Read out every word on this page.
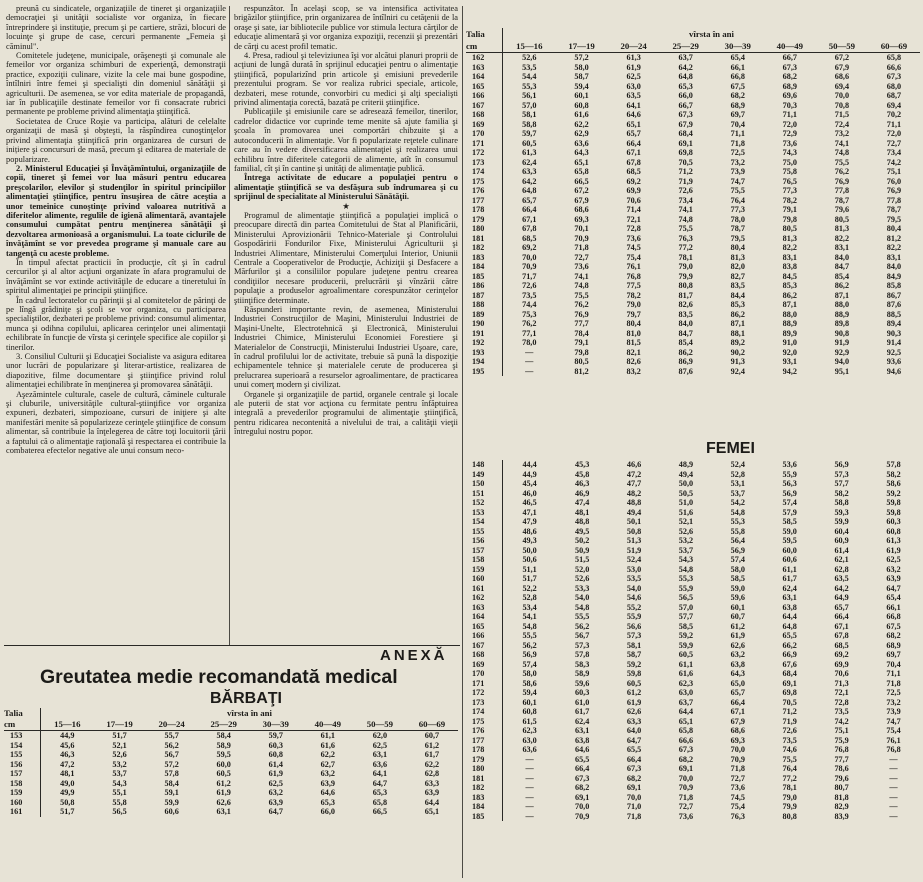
preună cu sindicatele, organizaţiile de tineret şi organizaţiile democraţiei şi unităţii socialiste vor organiza, în fiecare întreprindere şi instituţie, precum şi pe cartiere, străzi, blocuri de locuinţe şi grupe de case, cercuri permanente „Femeia şi căminul".

Comitetele judeţene, municipale, orăşeneşti şi comunale ale femeilor vor organiza schimburi de experienţă, demonstraţii practice, expoziţii culinare, vizite la cele mai bune gospodine, întîlniri între femei şi specialişti din domeniul sănătăţii şi agriculturii. De asemenea, se vor edita materiale de propagandă, iar în publicaţiile destinate femeilor vor fi consacrate rubrici permanente pe probleme privind alimentaţia ştiinţifică.

Societatea de Cruce Roşie va participa, alături de celelalte organizaţii de masă şi obşteşti, la răspîndirea cunoştinţelor privind alimentaţia ştiinţifică prin organizarea de cursuri de inițiere şi concursuri de masă, precum şi editarea de materiale de popularizare.

2. Ministerul Educaţiei şi Învăţămîntului, organizaţiile de copii, tineret şi femei vor lua măsuri pentru educarea preşcolarilor, elevilor şi studenţilor în spiritul principiilor alimentaţiei ştiinţifice, pentru însuşirea de către aceştia a unor temeinice cunoştinţe privind valoarea nutritivă a diferitelor alimente, regulile de igienă alimentară, avantajele consumului cumpătat pentru menţinerea sănătăţii şi dezvoltarea armonioasă a organismului. La toate ciclurile de învăţămînt se vor prevedea programe şi manuale care au tangenţă cu aceste probleme.

În timpul afectat practicii în producţie, cît şi în cadrul cercurilor şi al altor acţiuni organizate în afara programului de învăţămînt se vor extinde activităţile de educare a tineretului în spiritul alimentaţiei pe principii ştiinţifice.

În cadrul lectoratelor cu părinţii şi al comitetelor de părinţi de pe lîngă grădiniţe şi şcoli se vor organiza, cu participarea specialiştilor, dezbateri pe probleme privind: consumul alimentar, munca şi odihna copilului, aplicarea cerinţelor unei alimentaţii echilibrate în funcţie de vîrsta şi cerinţele specifice ale copiilor şi tinerilor.

3. Consiliul Culturii şi Educaţiei Socialiste va asigura editarea unor lucrări de popularizare şi literar-artistice, realizarea de diapozitive, filme documentare şi ştiinţifice privind rolul alimentaţiei echilibrate în menţinerea şi promovarea sănătăţii.

Aşezămintele culturale, casele de cultură, căminele culturale şi cluburile, universităţile cultural-ştiinţifice vor organiza expuneri, dezbateri, simpozioane, cursuri de iniţiere şi alte manifestări menite să popularizeze cerinţele ştiinţifice de consum alimentar, să contribuie la înţelegerea de către toţi locuitorii ţării a faptului că o alimentaţie raţională şi respectarea ei contribuie la combaterea efectelor negative ale unui consum neco-

respunzător. În acelaşi scop, se va intensifica activitatea brigăzilor ştiinţifice, prin organizarea de întîlniri cu cetăţenii de la oraşe şi sate, iar bibliotecile publice vor stimula lectura cărţilor de educaţie alimentară şi vor organiza expoziţii, recenzii şi prezentări de cărţi cu acest profil tematic.

4. Presa, radioul şi televiziunea îşi vor alcătui planuri proprii de acţiuni de lungă durată în sprijinul educaţiei pentru o alimentaţie ştiinţifică, popularizînd prin articole şi emisiuni prevederile prezentului program. Se vor realiza rubrici speciale, articole, dezbateri, mese rotunde, convorbiri cu medici şi alţi specialişti privind alimentaţia corectă, bazată pe criterii ştiinţifice.

Publicaţiile şi emisiunile care se adresează femeilor, tinerilor, cadrelor didactice vor cuprinde teme menite să ajute familia şi şcoala în promovarea unei comportări chibzuite şi a autoconducerii în alimentaţie. Vor fi popularizate reţetele culinare care au în vedere diversificarea alimentaţiei şi realizarea unui echilibru între diferitele categorii de alimente, atît în consumul familial, cît şi în cantine şi unităţi de alimentaţie publică.

Întrega activitate de educare a populaţiei pentru o alimentaţie ştiinţifică se va desfăşura sub îndrumarea şi cu sprijinul de specialitate al Ministerului Sănătăţii.

★

Programul de alimentaţie ştiinţifică a populaţiei implică o preocupare directă din partea Comitetului de Stat al Planificării, Ministerului Aprovizionării Tehnico-Materiale şi Controlului Gospodăririi Fondurilor Fixe, Ministerului Agriculturii şi Industriei Alimentare, Ministerului Comerţului Interior, Uniunii Centrale a Cooperativelor de Producţie, Achiziţii şi Desfacere a Mărfurilor şi a consiliilor populare judeţene pentru crearea condiţiilor necesare producerii, prelucrării şi vînzării către populaţie a produselor agroalimentare corespunzător cerinţelor ştiinţifice determinate.

Răspunderi importante revin, de asemenea, Ministerului Industriei Construcţiilor de Maşini, Ministerului Industriei de Maşini-Unelte, Electrotehnică şi Electronică, Ministerului Industriei Chimice, Ministerului Economiei Forestiere şi Materialelor de Construcţii, Ministerului Industriei Uşoare, care, în cadrul profilului lor de activitate, trebuie să pună la dispoziţie echipamentele tehnice şi materialele cerute de producerea şi prelucrarea superioară a resurselor agroalimentare, de practicarea unui comerţ modern şi civilizat.

Organele şi organizaţiile de partid, organele centrale şi locale ale puterii de stat vor acţiona cu fermitate pentru înfăptuirea integrală a prevederilor programului de alimentaţie ştiinţifică, pentru ridicarea necontenită a nivelului de trai, a calităţii vieţii întregului nostru popor.

ANEXĂ
Greutatea medie recomandată medical
BĂRBAŢI
FEMEI
Talia	vîrsta în ani							
cm	15—16	17—19	20—24	25—29	30—39	40—49	50—59	60—69
153	44,9	51,7	55,7	58,4	59,7	61,1	62,0	60,7
154	45,6	52,1	56,2	58,9	60,3	61,6	62,5	61,2
155	46,3	52,6	56,7	59,5	60,8	62,2	63,1	61,7
156	47,2	53,2	57,2	60,0	61,4	62,7	63,6	62,2
157	48,1	53,7	57,8	60,5	61,9	63,2	64,1	62,8
158	49,0	54,3	58,4	61,2	62,5	63,9	64,7	63,3
159	49,9	55,1	59,1	61,9	63,2	64,6	65,3	63,9
160	50,8	55,8	59,9	62,6	63,9	65,3	65,8	64,4
161	51,7	56,5	60,6	63,1	64,7	66,0	66,5	65,1
Talia	vîrsta în ani							
cm	15—16	17—19	20—24	25—29	30—39	40—49	50—59	60—69
162	52,6	57,2	61,3	63,7	65,4	66,7	67,2	65,8
163	53,5	58,0	61,9	64,2	66,1	67,3	67,9	66,6
164	54,4	58,7	62,5	64,8	66,8	68,2	68,6	67,3
165	55,3	59,4	63,0	65,3	67,5	68,9	69,4	68,0
166	56,1	60,1	63,5	66,0	68,2	69,6	70,0	68,7
167	57,0	60,8	64,1	66,7	68,9	70,3	70,8	69,4
168	58,1	61,6	64,6	67,3	69,7	71,1	71,5	70,2
169	58,8	62,2	65,1	67,9	70,4	72,0	72,4	71,1
170	59,7	62,9	65,7	68,4	71,1	72,9	73,2	72,0
171	60,5	63,6	66,4	69,1	71,8	73,6	74,1	72,7
172	61,3	64,3	67,1	69,8	72,5	74,3	74,8	73,4
173	62,4	65,1	67,8	70,5	73,2	75,0	75,5	74,2
174	63,3	65,8	68,5	71,2	73,9	75,8	76,2	75,1
175	64,2	66,5	69,2	71,9	74,7	76,5	76,9	76,0
176	64,8	67,2	69,9	72,6	75,5	77,3	77,8	76,9
177	65,7	67,9	70,6	73,4	76,4	78,2	78,7	77,8
178	66,4	68,6	71,4	74,1	77,3	79,1	79,6	78,7
179	67,1	69,3	72,1	74,8	78,0	79,8	80,5	79,5
180	67,8	70,1	72,8	75,5	78,7	80,5	81,3	80,4
181	68,5	70,9	73,6	76,3	79,5	81,3	82,2	81,2
182	69,2	71,8	74,5	77,2	80,4	82,2	83,1	82,2
183	70,0	72,7	75,4	78,1	81,3	83,1	84,0	83,1
184	70,9	73,6	76,1	79,0	82,0	83,8	84,7	84,0
185	71,7	74,1	76,8	79,9	82,7	84,5	85,4	84,9
186	72,6	74,8	77,5	80,8	83,5	85,3	86,2	85,8
187	73,5	75,5	78,2	81,7	84,4	86,2	87,1	86,7
188	74,4	76,2	79,0	82,6	85,3	87,1	88,0	87,6
189	75,3	76,9	79,7	83,5	86,2	88,0	88,9	88,5
190	76,2	77,7	80,4	84,0	87,1	88,9	89,8	89,4
191	77,1	78,4	81,0	84,7	88,1	89,9	90,8	90,3
192	78,0	79,1	81,5	85,4	89,2	91,0	91,9	91,4
193	—	79,8	82,1	86,2	90,2	92,0	92,9	92,5
194	—	80,5	82,6	86,9	91,3	93,1	94,0	93,6
195	—	81,2	83,2	87,6	92,4	94,2	95,1	94,6
148	44,4	45,3	46,6	48,9	52,4	53,6	56,9	57,8
149	44,9	45,8	47,2	49,4	52,8	55,9	57,3	58,2
150	45,4	46,3	47,7	50,0	53,1	56,3	57,7	58,6
151	46,0	46,9	48,2	50,5	53,7	56,9	58,2	59,2
152	46,5	47,4	48,8	51,0	54,2	57,4	58,8	59,8
153	47,1	48,1	49,4	51,6	54,8	57,9	59,3	59,8
154	47,9	48,8	50,1	52,1	55,3	58,5	59,9	60,3
155	48,6	49,5	50,8	52,6	55,8	59,0	60,4	60,8
156	49,3	50,2	51,3	53,2	56,4	59,5	60,9	61,3
157	50,0	50,9	51,9	53,7	56,9	60,0	61,4	61,9
158	50,6	51,5	52,4	54,3	57,4	60,6	62,1	62,5
159	51,1	52,0	53,0	54,8	58,0	61,1	62,8	63,2
160	51,7	52,6	53,5	55,3	58,5	61,7	63,5	63,9
161	52,2	53,3	54,0	55,9	59,0	62,4	64,2	64,7
162	52,8	54,0	54,6	56,5	59,6	63,1	64,9	65,4
163	53,4	54,8	55,2	57,0	60,1	63,8	65,7	66,1
164	54,1	55,5	55,9	57,7	60,7	64,4	66,4	66,8
165	54,8	56,2	56,6	58,5	61,2	64,8	67,1	67,5
166	55,5	56,7	57,3	59,2	61,9	65,5	67,8	68,2
167	56,2	57,3	58,1	59,9	62,6	66,2	68,5	68,9
168	56,9	57,8	58,7	60,5	63,2	66,9	69,2	69,7
169	57,4	58,3	59,2	61,1	63,8	67,6	69,9	70,4
170	58,0	58,9	59,8	61,6	64,3	68,4	70,6	71,1
171	58,6	59,6	60,5	62,3	65,0	69,1	71,3	71,8
172	59,4	60,3	61,2	63,0	65,7	69,8	72,1	72,5
173	60,1	61,0	61,9	63,7	66,4	70,5	72,8	73,2
174	60,8	61,7	62,6	64,4	67,1	71,2	73,5	73,9
175	61,5	62,4	63,3	65,1	67,9	71,9	74,2	74,7
176	62,3	63,1	64,0	65,8	68,6	72,6	75,1	75,4
177	63,0	63,8	64,7	66,6	69,3	73,5	75,9	76,1
178	63,6	64,6	65,5	67,3	70,0	74,6	76,8	76,8
179	—	65,5	66,4	68,2	70,9	75,5	77,7	—
180	—	66,4	67,3	69,1	71,8	76,4	78,6	—
181	—	67,3	68,2	70,0	72,7	77,2	79,6	—
182	—	68,2	69,1	70,9	73,6	78,1	80,7	—
183	—	69,1	70,0	71,8	74,5	79,0	81,8	—
184	—	70,0	71,0	72,7	75,4	79,9	82,9	—
185	—	70,9	71,8	73,6	76,3	80,8	83,9	—
